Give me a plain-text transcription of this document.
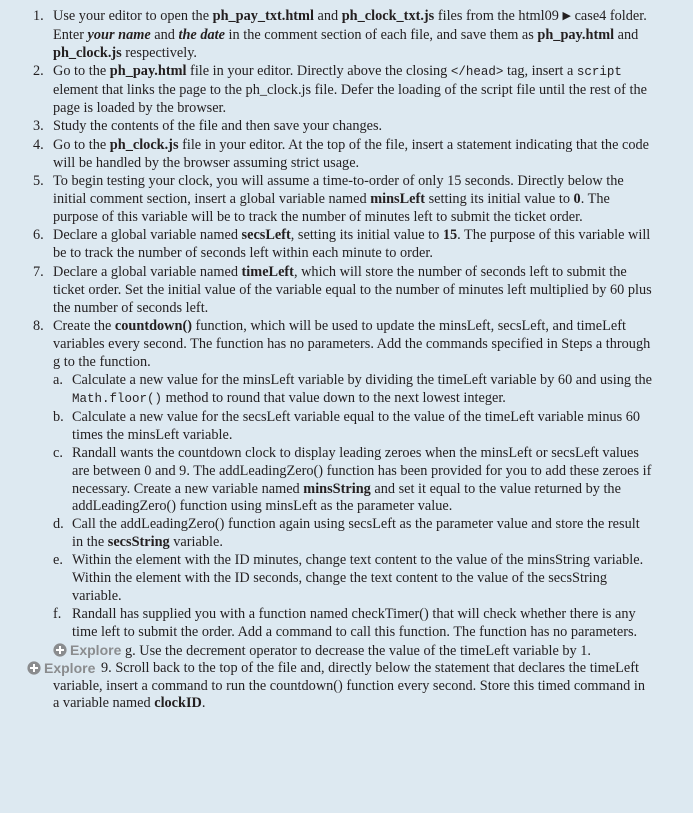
1. Use your editor to open the ph_pay_txt.html and ph_clock_txt.js files from the html09 ▶ case4 folder. Enter your name and the date in the comment section of each file, and save them as ph_pay.html and ph_clock.js respectively.
2. Go to the ph_pay.html file in your editor. Directly above the closing </head> tag, insert a script element that links the page to the ph_clock.js file. Defer the loading of the script file until the rest of the page is loaded by the browser.
3. Study the contents of the file and then save your changes.
4. Go to the ph_clock.js file in your editor. At the top of the file, insert a statement indicating that the code will be handled by the browser assuming strict usage.
5. To begin testing your clock, you will assume a time-to-order of only 15 seconds. Directly below the initial comment section, insert a global variable named minsLeft setting its initial value to 0. The purpose of this variable will be to track the number of minutes left to submit the ticket order.
6. Declare a global variable named secsLeft, setting its initial value to 15. The purpose of this variable will be to track the number of seconds left within each minute to order.
7. Declare a global variable named timeLeft, which will store the number of seconds left to submit the ticket order. Set the initial value of the variable equal to the number of minutes left multiplied by 60 plus the number of seconds left.
8. Create the countdown() function, which will be used to update the minsLeft, secsLeft, and timeLeft variables every second. The function has no parameters. Add the commands specified in Steps a through g to the function.
a. Calculate a new value for the minsLeft variable by dividing the timeLeft variable by 60 and using the Math.floor() method to round that value down to the next lowest integer.
b. Calculate a new value for the secsLeft variable equal to the value of the timeLeft variable minus 60 times the minsLeft variable.
c. Randall wants the countdown clock to display leading zeroes when the minsLeft or secsLeft values are between 0 and 9. The addLeadingZero() function has been provided for you to add these zeroes if necessary. Create a new variable named minsString and set it equal to the value returned by the addLeadingZero() function using minsLeft as the parameter value.
d. Call the addLeadingZero() function again using secsLeft as the parameter value and store the result in the secsString variable.
e. Within the element with the ID minutes, change text content to the value of the minsString variable. Within the element with the ID seconds, change the text content to the value of the secsString variable.
f. Randall has supplied you with a function named checkTimer() that will check whether there is any time left to submit the order. Add a command to call this function. The function has no parameters.
Explore g. Use the decrement operator to decrease the value of the timeLeft variable by 1.

Explore 9. Scroll back to the top of the file and, directly below the statement that declares the timeLeft variable, insert a command to run the countdown() function every second. Store this timed command in a variable named clockID.
